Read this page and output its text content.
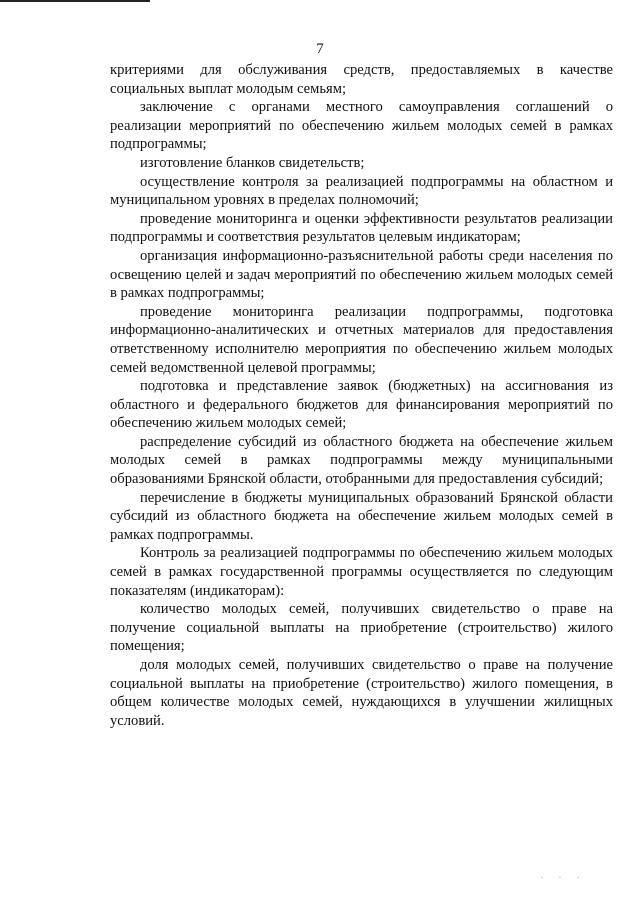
7

критериями для обслуживания средств, предоставляемых в качестве социальных выплат молодым семьям;

заключение с органами местного самоуправления соглашений о реализации мероприятий по обеспечению жильем молодых семей в рамках подпрограммы;

изготовление бланков свидетельств;

осуществление контроля за реализацией подпрограммы на областном и муниципальном уровнях в пределах полномочий;

проведение мониторинга и оценки эффективности результатов реализации подпрограммы и соответствия результатов целевым индикаторам;

организация информационно-разъяснительной работы среди населения по освещению целей и задач мероприятий по обеспечению жильем молодых семей в рамках подпрограммы;

проведение мониторинга реализации подпрограммы, подготовка информационно-аналитических и отчетных материалов для предоставления ответственному исполнителю мероприятия по обеспечению жильем молодых семей ведомственной целевой программы;

подготовка и представление заявок (бюджетных) на ассигнования из областного и федерального бюджетов для финансирования мероприятий по обеспечению жильем молодых семей;

распределение субсидий из областного бюджета на обеспечение жильем молодых семей в рамках подпрограммы между муниципальными образованиями Брянской области, отобранными для предоставления субсидий;

перечисление в бюджеты муниципальных образований Брянской области субсидий из областного бюджета на обеспечение жильем молодых семей в рамках подпрограммы.

Контроль за реализацией подпрограммы по обеспечению жильем молодых семей в рамках государственной программы осуществляется по следующим показателям (индикаторам):

количество молодых семей, получивших свидетельство о праве на получение социальной выплаты на приобретение (строительство) жилого помещения;

доля молодых семей, получивших свидетельство о праве на получение социальной выплаты на приобретение (строительство) жилого помещения, в общем количестве молодых семей, нуждающихся в улучшении жилищных условий.

· · ·
